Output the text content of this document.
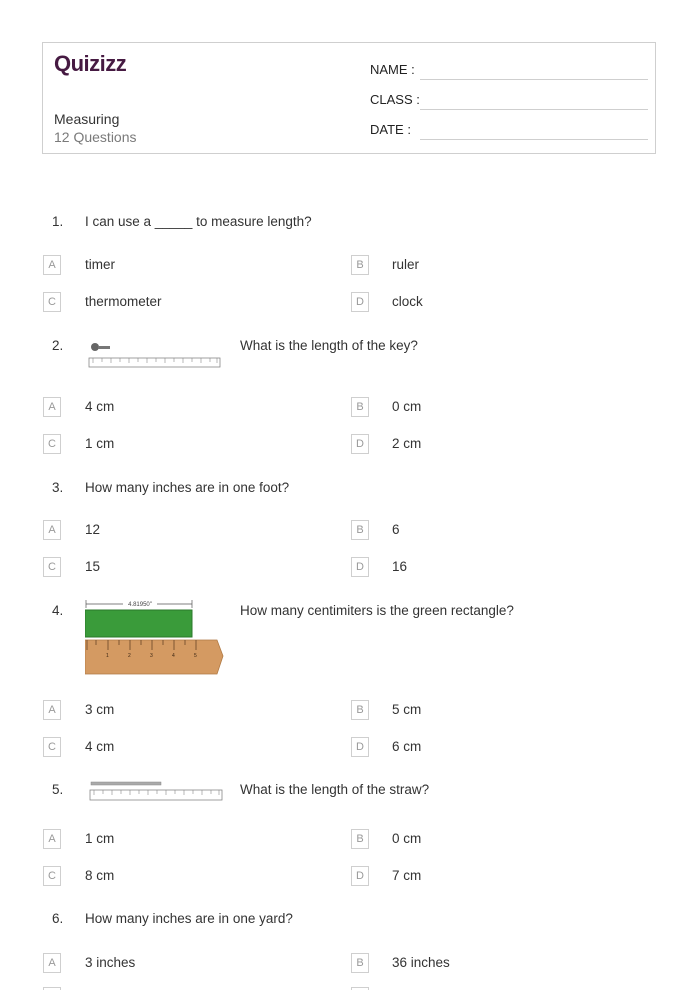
Quizizz
Measuring
12 Questions
NAME :
CLASS :
DATE :
1. I can use a _____ to measure length?
A	timer	B	ruler
C	thermometer	D	clock
2.	What is the length of the key?
A	4 cm	B	0 cm
C	1 cm	D	2 cm
3. How many inches are in one foot?
A	12	B	6
C	15	D	16
4.	4.81950"
1	2	3	4	5
How many centimiters is the green rectangle?
A	3 cm	B	5 cm
C	4 cm	D	6 cm
5.	What is the length of the straw?
A	1 cm	B	0 cm
C	8 cm	D	7 cm
6. How many inches are in one yard?
A	3 inches	B	36 inches
